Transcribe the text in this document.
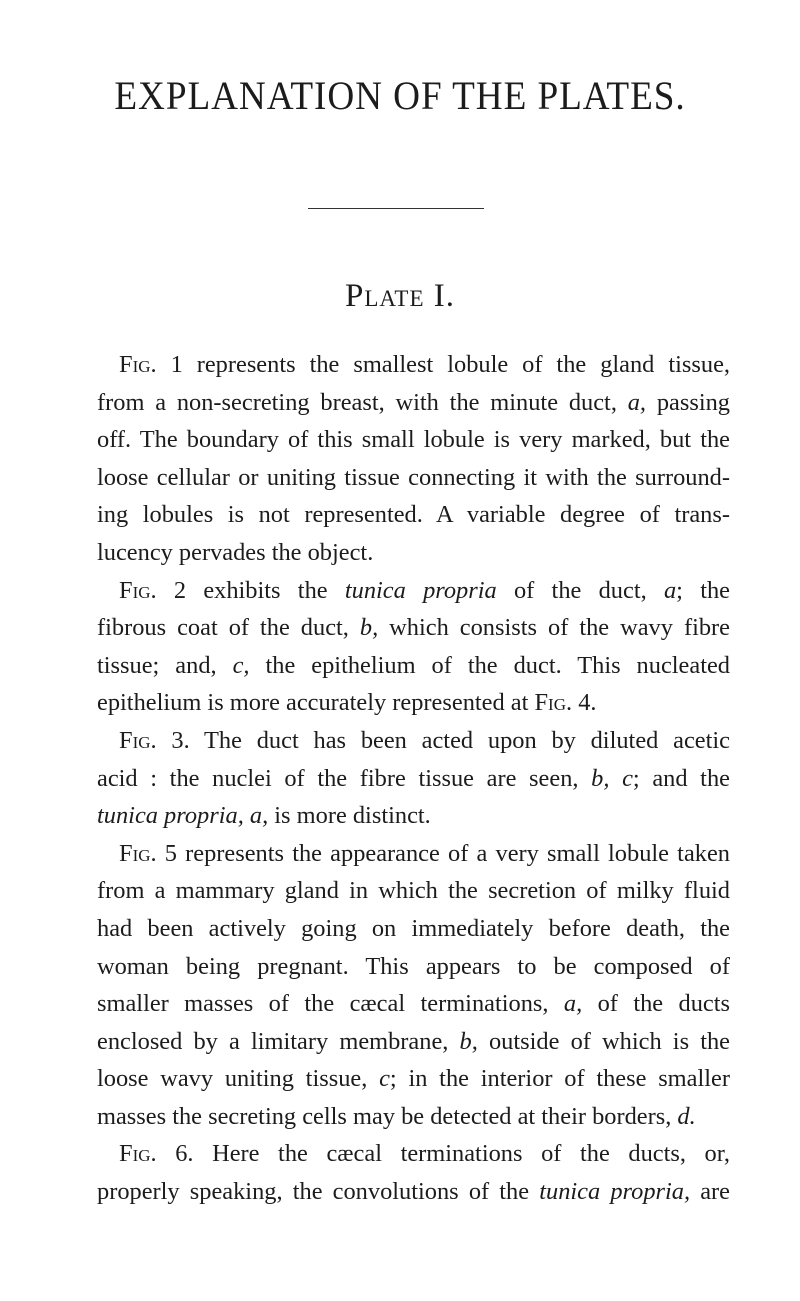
EXPLANATION OF THE PLATES.
Plate I.
Fig. 1 represents the smallest lobule of the gland tissue,
from a non-secreting breast, with the minute duct, a, passing
off. The boundary of this small lobule is very marked, but the
loose cellular or uniting tissue connecting it with the surround-
ing lobules is not represented. A variable degree of trans-
lucency pervades the object.
Fig. 2 exhibits the tunica propria of the duct, a; the
fibrous coat of the duct, b, which consists of the wavy fibre
tissue; and, c, the epithelium of the duct. This nucleated
epithelium is more accurately represented at Fig. 4.
Fig. 3. The duct has been acted upon by diluted acetic
acid : the nuclei of the fibre tissue are seen, b, c; and the
tunica propria, a, is more distinct.
Fig. 5 represents the appearance of a very small lobule taken
from a mammary gland in which the secretion of milky fluid
had been actively going on immediately before death, the
woman being pregnant. This appears to be composed of
smaller masses of the cæcal terminations, a, of the ducts
enclosed by a limitary membrane, b, outside of which is the
loose wavy uniting tissue, c; in the interior of these smaller
masses the secreting cells may be detected at their borders, d.
Fig. 6. Here the cæcal terminations of the ducts, or,
properly speaking, the convolutions of the tunica propria, are
